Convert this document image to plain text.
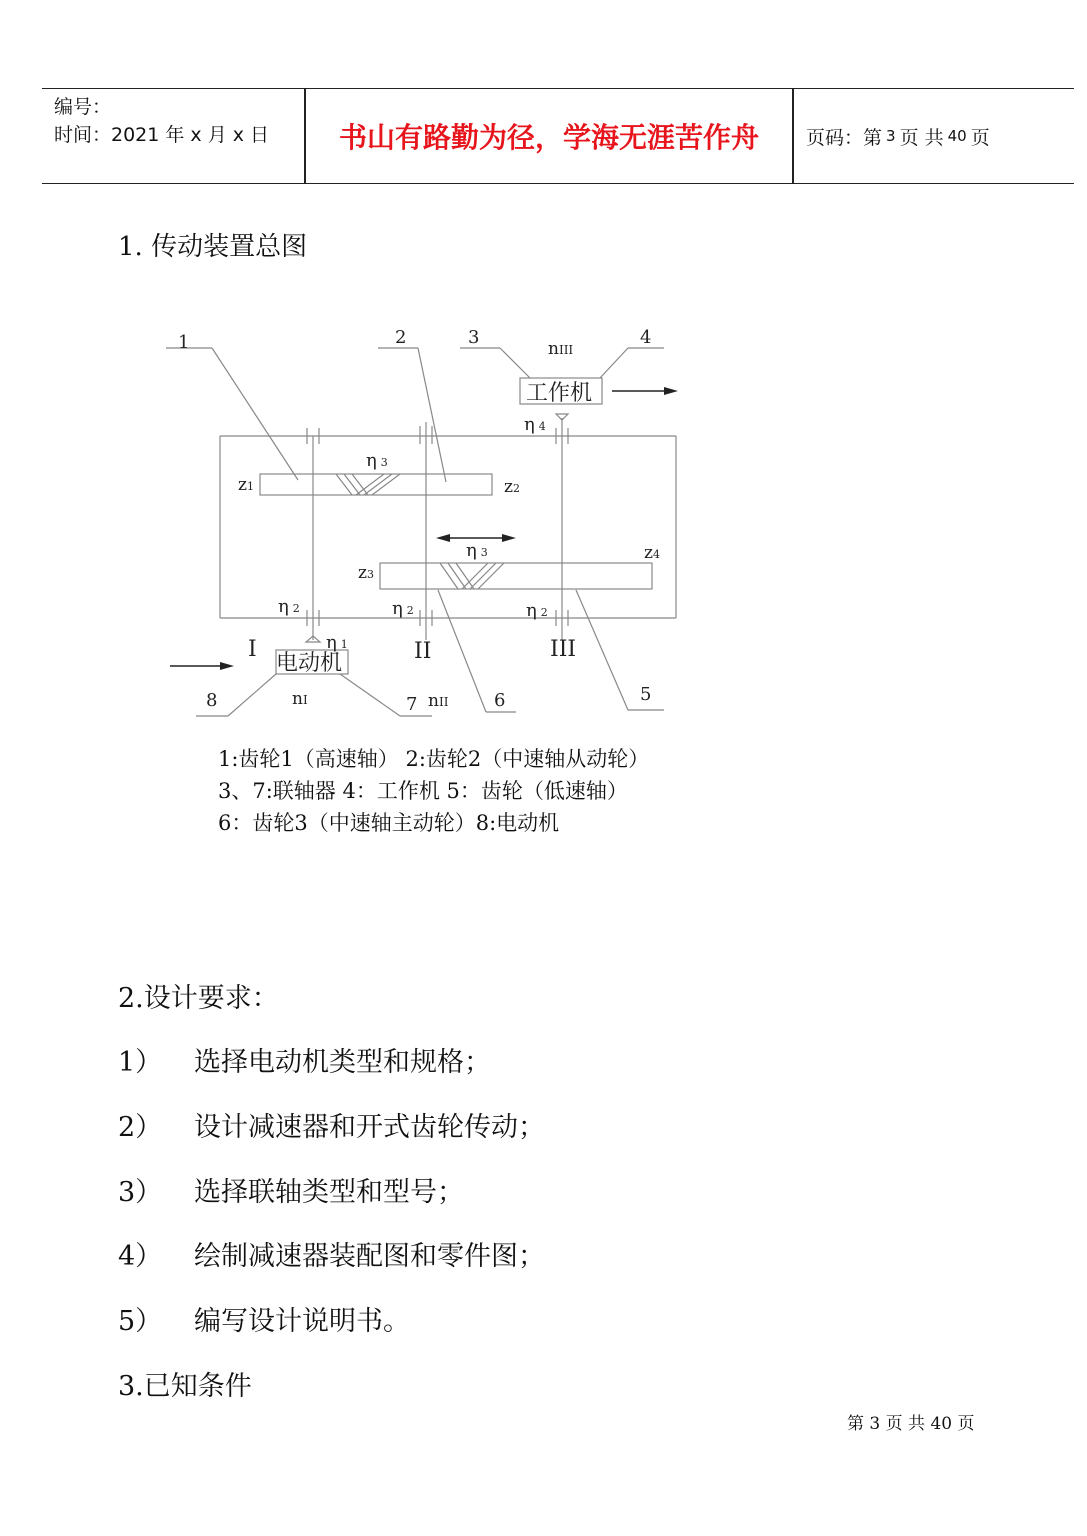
编号：
时间：2021 年 x 月 x 日	书山有路勤为径，学海无涯苦作舟	页码：第 3 页 共 40 页
1. 传动装置总图
1	2	3	4
5
6
7
8
工作机
电动机
z1	z2
z3
z4
η 3
η 3
η 4
η 2	η 2	η 2
η 1
I	II	III
nIII
nI	nII
1:齿轮1（高速轴） 2:齿轮2（中速轴从动轮）
3、7:联轴器 4：工作机 5：齿轮（低速轴）
6：齿轮3（中速轴主动轮）8:电动机
2.设计要求：
1） 选择电动机类型和规格；
2） 设计减速器和开式齿轮传动；
3） 选择联轴类型和型号；
4） 绘制减速器装配图和零件图；
5） 编写设计说明书。
3.已知条件
第 3 页 共 40 页
